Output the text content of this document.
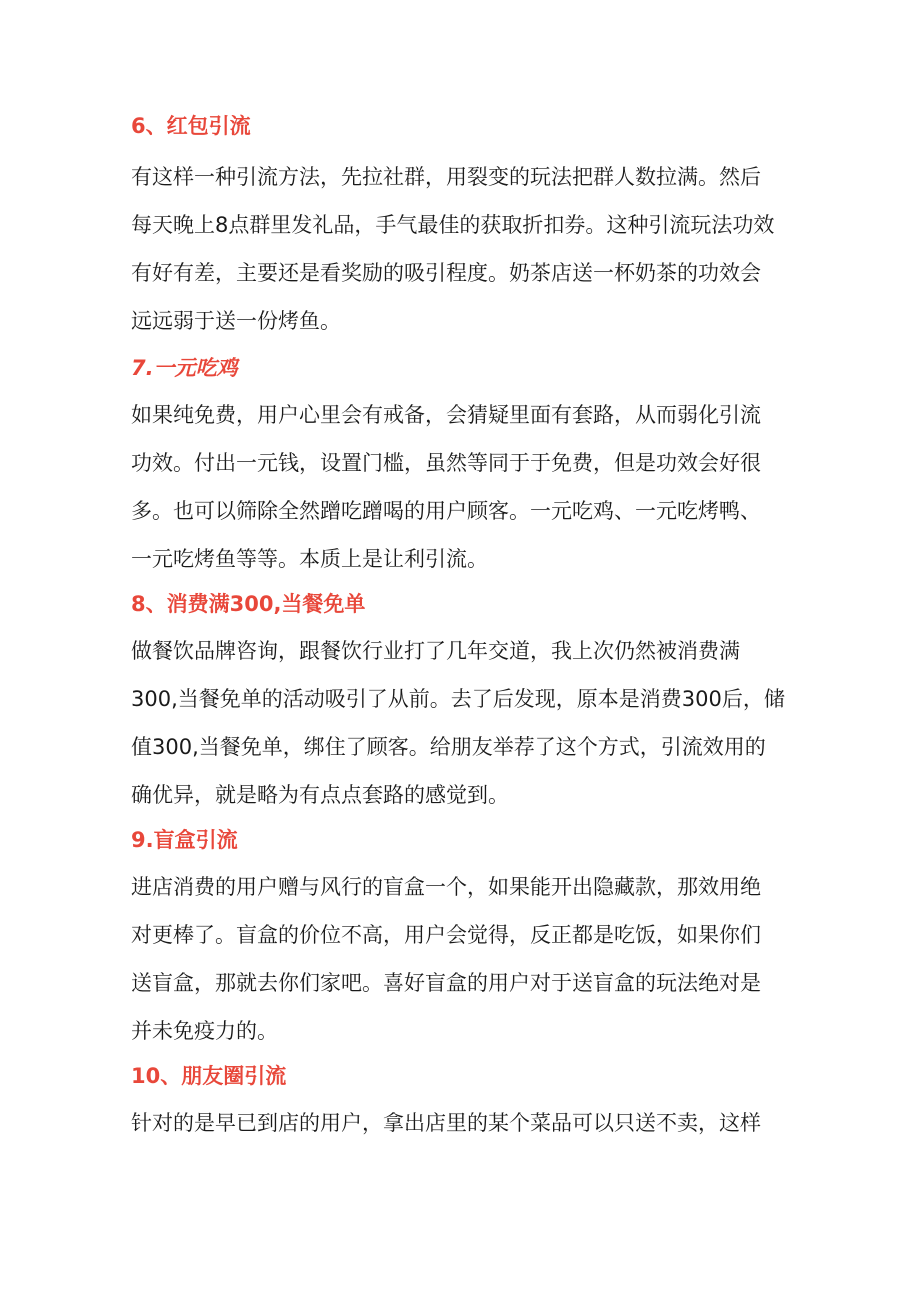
6、红包引流

有这样一种引流方法，先拉社群，用裂变的玩法把群人数拉满。然后

每天晚上8点群里发礼品，手气最佳的获取折扣券。这种引流玩法功效

有好有差，主要还是看奖励的吸引程度。奶茶店送一杯奶茶的功效会

远远弱于送一份烤鱼。

7.一元吃鸡

如果纯免费，用户心里会有戒备，会猜疑里面有套路，从而弱化引流

功效。付出一元钱，设置门槛，虽然等同于于免费，但是功效会好很

多。也可以筛除全然蹭吃蹭喝的用户顾客。一元吃鸡、一元吃烤鸭、

一元吃烤鱼等等。本质上是让利引流。

8、消费满300,当餐免单

做餐饮品牌咨询，跟餐饮行业打了几年交道，我上次仍然被消费满

300,当餐免单的活动吸引了从前。去了后发现，原本是消费300后，储

值300,当餐免单，绑住了顾客。给朋友举荐了这个方式，引流效用的

确优异，就是略为有点点套路的感觉到。

9.盲盒引流

进店消费的用户赠与风行的盲盒一个，如果能开出隐藏款，那效用绝

对更棒了。盲盒的价位不高，用户会觉得，反正都是吃饭，如果你们

送盲盒，那就去你们家吧。喜好盲盒的用户对于送盲盒的玩法绝对是

并未免疫力的。

10、朋友圈引流

针对的是早已到店的用户，拿出店里的某个菜品可以只送不卖，这样
